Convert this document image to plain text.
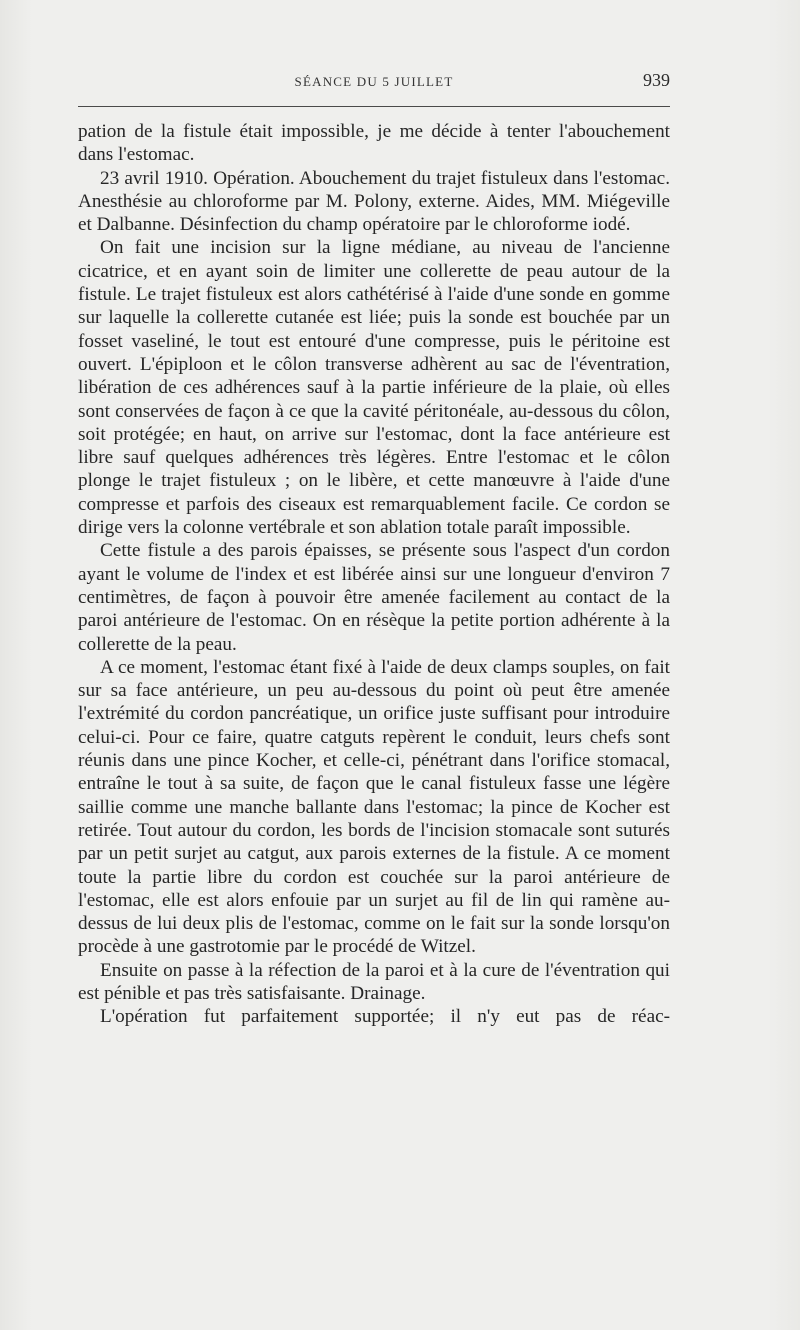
SÉANCE DU 5 JUILLET	939

pation de la fistule était impossible, je me décide à tenter l'abouchement dans l'estomac.

23 avril 1910. Opération. Abouchement du trajet fistuleux dans l'estomac. Anesthésie au chloroforme par M. Polony, externe. Aides, MM. Miégeville et Dalbanne. Désinfection du champ opératoire par le chloroforme iodé.

On fait une incision sur la ligne médiane, au niveau de l'ancienne cicatrice, et en ayant soin de limiter une collerette de peau autour de la fistule. Le trajet fistuleux est alors cathétérisé à l'aide d'une sonde en gomme sur laquelle la collerette cutanée est liée; puis la sonde est bouchée par un fosset vaseliné, le tout est entouré d'une compresse, puis le péritoine est ouvert. L'épiploon et le côlon transverse adhèrent au sac de l'éventration, libération de ces adhérences sauf à la partie inférieure de la plaie, où elles sont conservées de façon à ce que la cavité péritonéale, au-dessous du côlon, soit protégée; en haut, on arrive sur l'estomac, dont la face antérieure est libre sauf quelques adhérences très légères. Entre l'estomac et le côlon plonge le trajet fistuleux ; on le libère, et cette manœuvre à l'aide d'une compresse et parfois des ciseaux est remarquablement facile. Ce cordon se dirige vers la colonne vertébrale et son ablation totale paraît impossible.

Cette fistule a des parois épaisses, se présente sous l'aspect d'un cordon ayant le volume de l'index et est libérée ainsi sur une longueur d'environ 7 centimètres, de façon à pouvoir être amenée facilement au contact de la paroi antérieure de l'estomac. On en résèque la petite portion adhérente à la collerette de la peau.

A ce moment, l'estomac étant fixé à l'aide de deux clamps souples, on fait sur sa face antérieure, un peu au-dessous du point où peut être amenée l'extrémité du cordon pancréatique, un orifice juste suffisant pour introduire celui-ci. Pour ce faire, quatre catguts repèrent le conduit, leurs chefs sont réunis dans une pince Kocher, et celle-ci, pénétrant dans l'orifice stomacal, entraîne le tout à sa suite, de façon que le canal fistuleux fasse une légère saillie comme une manche ballante dans l'estomac; la pince de Kocher est retirée. Tout autour du cordon, les bords de l'incision stomacale sont suturés par un petit surjet au catgut, aux parois externes de la fistule. A ce moment toute la partie libre du cordon est couchée sur la paroi antérieure de l'estomac, elle est alors enfouie par un surjet au fil de lin qui ramène au-dessus de lui deux plis de l'estomac, comme on le fait sur la sonde lorsqu'on procède à une gastrotomie par le procédé de Witzel.

Ensuite on passe à la réfection de la paroi et à la cure de l'éventration qui est pénible et pas très satisfaisante. Drainage.

L'opération fut parfaitement supportée; il n'y eut pas de réac-
